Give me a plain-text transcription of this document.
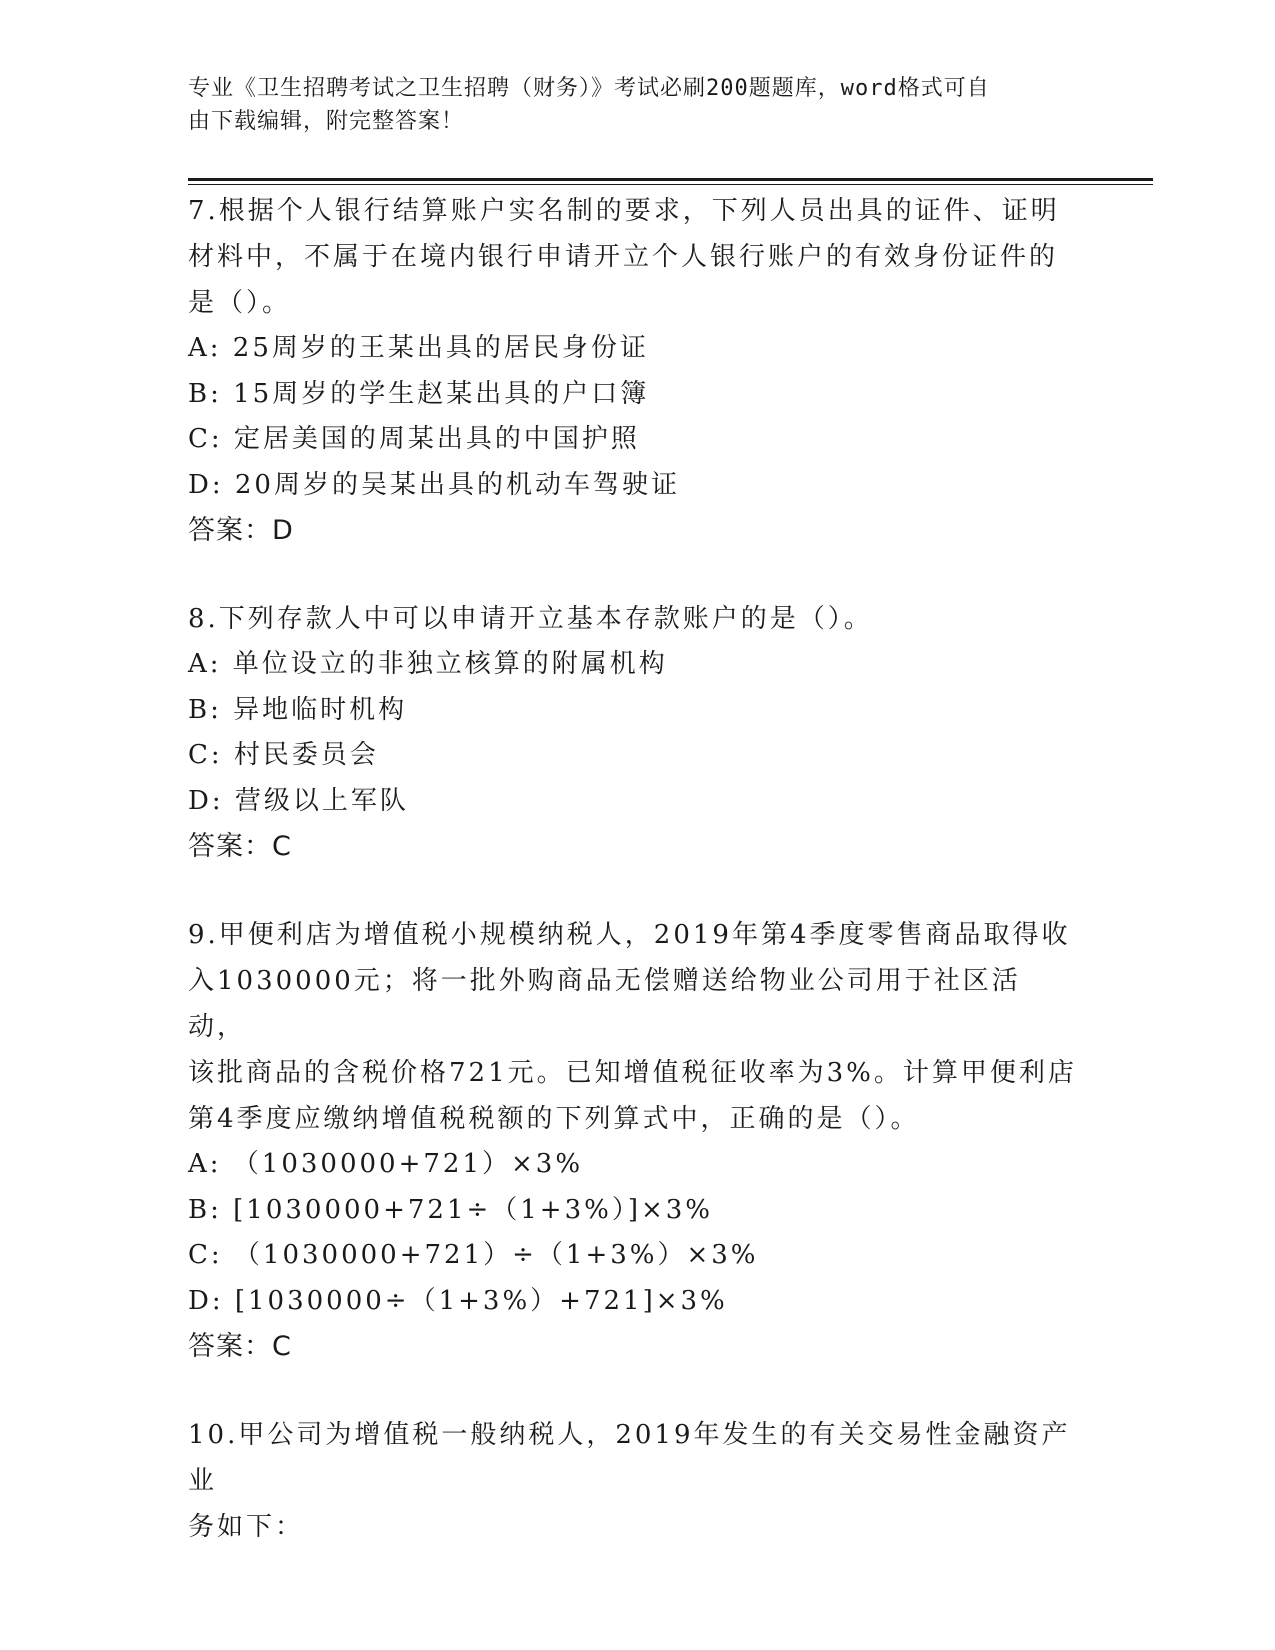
专业《卫生招聘考试之卫生招聘（财务）》考试必刷200题题库，word格式可自
由下载编辑，附完整答案！

7.根据个人银行结算账户实名制的要求，下列人员出具的证件、证明

材料中，不属于在境内银行申请开立个人银行账户的有效身份证件的

是（）。

A: 25周岁的王某出具的居民身份证

B: 15周岁的学生赵某出具的户口簿

C: 定居美国的周某出具的中国护照

D: 20周岁的吴某出具的机动车驾驶证

答案：D

8.下列存款人中可以申请开立基本存款账户的是（）。

A: 单位设立的非独立核算的附属机构

B: 异地临时机构

C: 村民委员会

D: 营级以上军队

答案：C

9.甲便利店为增值税小规模纳税人，2019年第4季度零售商品取得收

入1030000元；将一批外购商品无偿赠送给物业公司用于社区活动，

该批商品的含税价格721元。已知增值税征收率为3%。计算甲便利店

第4季度应缴纳增值税税额的下列算式中，正确的是（）。

A: （1030000+721）×3%

B: [1030000+721÷（1+3%）]×3%

C: （1030000+721）÷（1+3%）×3%

D: [1030000÷（1+3%）+721]×3%

答案：C

10.甲公司为增值税一般纳税人，2019年发生的有关交易性金融资产业

务如下：
